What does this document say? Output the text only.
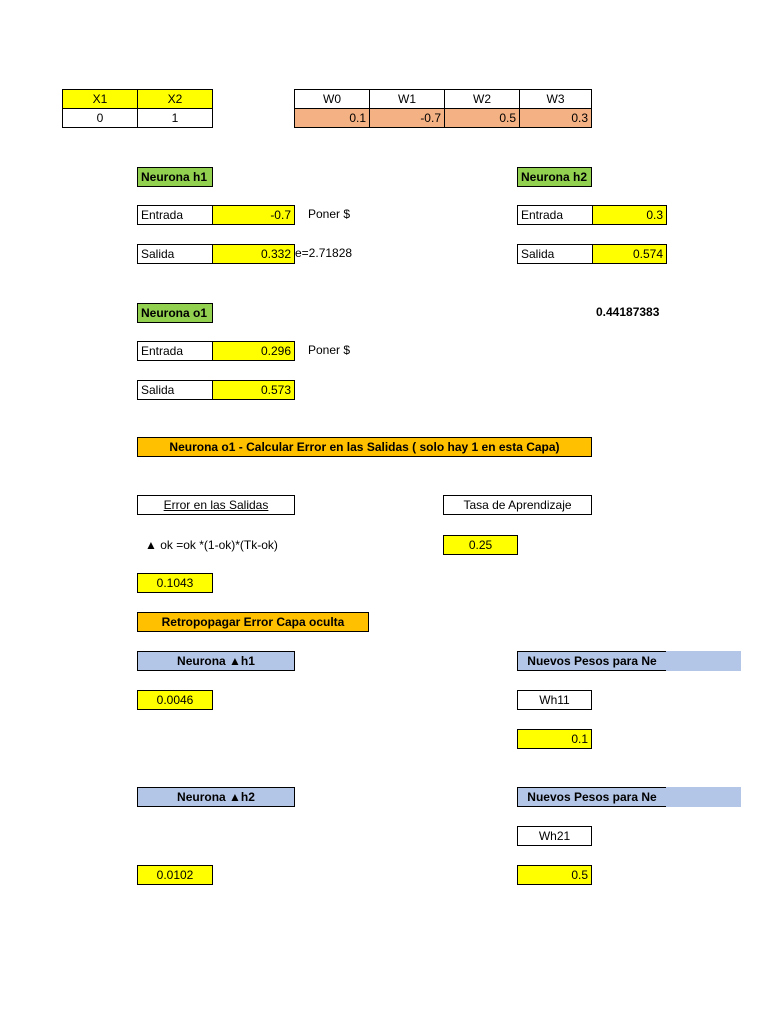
X1	X2
0	1
W0	W1	W2	W3
0.1	-0.7	0.5	0.3
Neurona h1
Entrada	-0.7	Poner $
Salida	0.332 e=2.71828
Neurona h2
Entrada	0.3
Salida	0.574
0.44187383
Neurona o1
Entrada	0.296	Poner $
Salida	0.573
Neurona o1 - Calcular Error en las Salidas ( solo hay 1 en esta Capa)
Error en las Salidas	Tasa de Aprendizaje
▲ ok =ok *(1-ok)*(Tk-ok)	0.25
0.1043
Retropopagar Error Capa oculta
Neurona ▲h1	Nuevos Pesos para Ne
0.0046	Wh11
0.1
Neurona ▲h2	Nuevos Pesos para Ne
Wh21
0.0102	0.5
